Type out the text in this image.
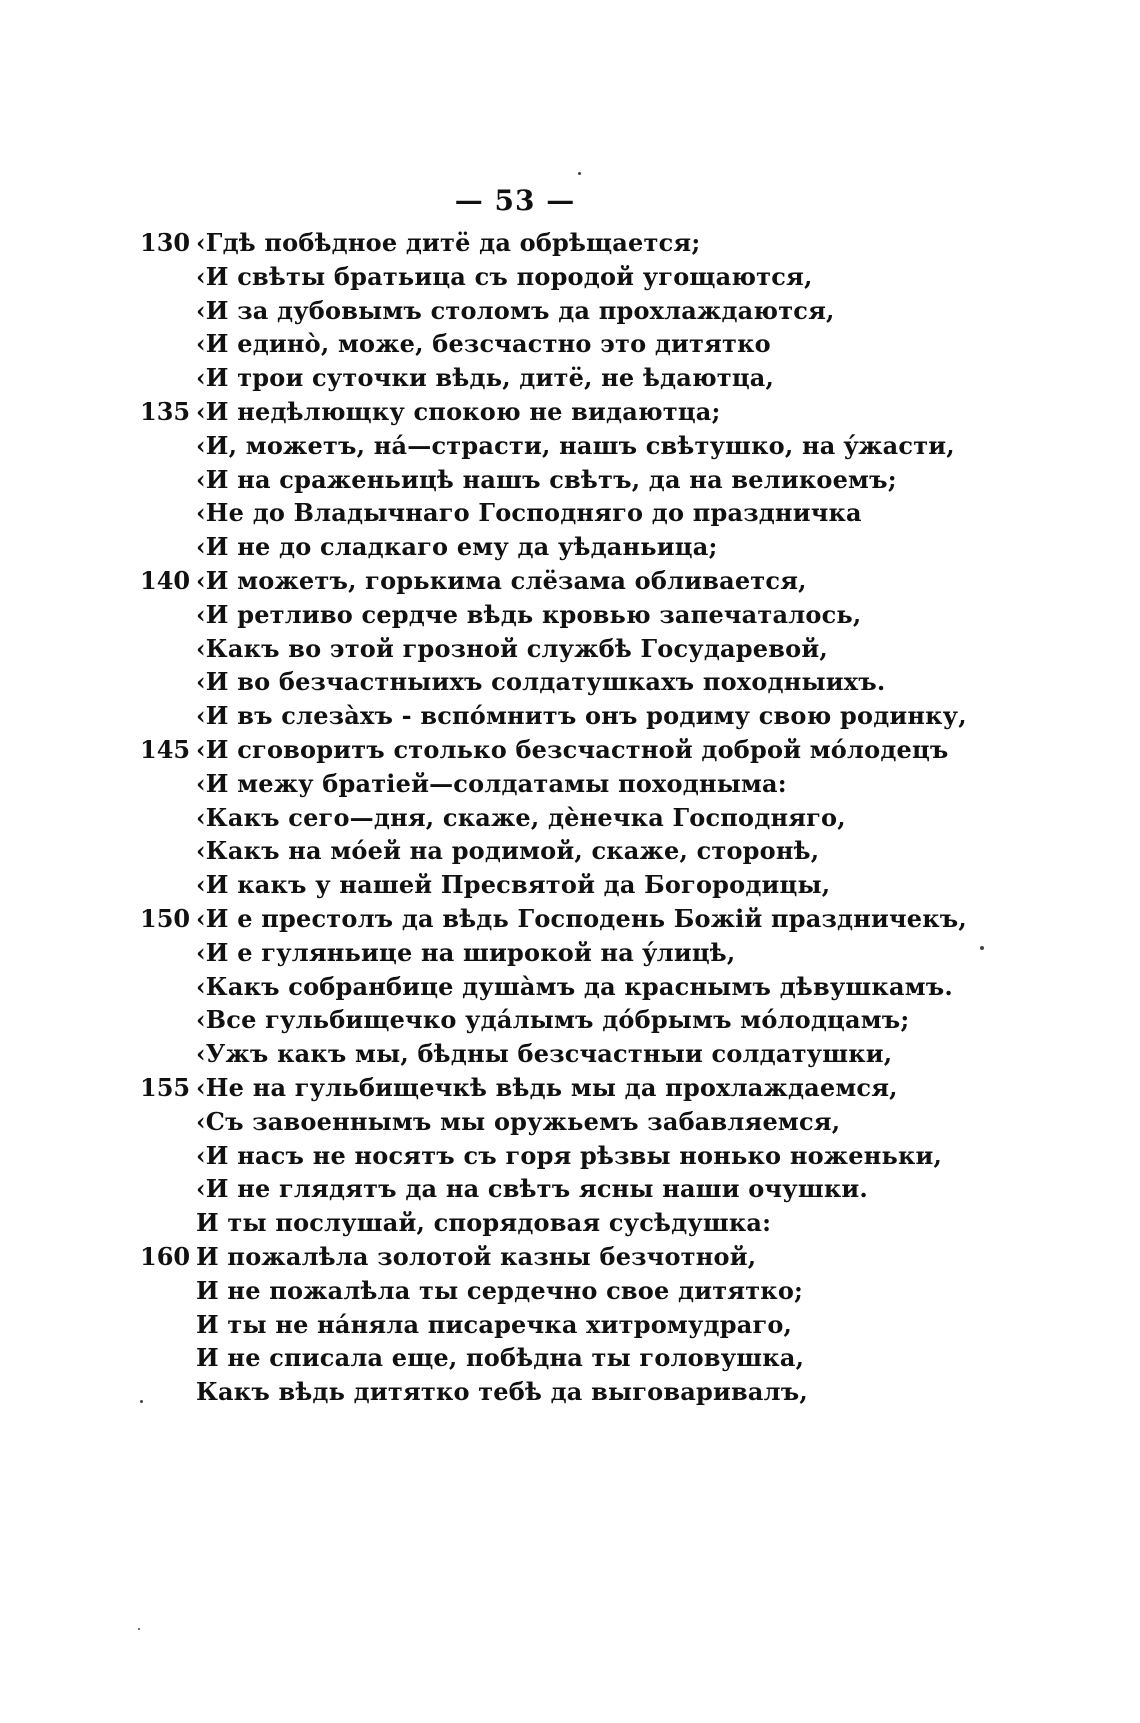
— 53 —
130 ‹Гдѣ побѣдное дитё да обрѣщается;
‹И свѣты братьица съ породой угощаются,
‹И за дубовымъ столомъ да прохлаждаются,
‹И единò, може, безсчастно это дитятко
‹И трои суточки вѣдь, дитё, не ѣдаютца,
135 ‹И недѣлющку спокою не видаютца;
‹И, можетъ, нá—страсти, нашъ свѣтушко, на ýжасти,
‹И на сраженьицѣ нашъ свѣтъ, да на великоемъ;
‹Не до Владычнаго Господняго до праздничка
‹И не до сладкаго ему да уѣданьица;
140 ‹И можетъ, горькима слёзама обливается,
‹И ретливо сердче вѣдь кровью запечаталось,
‹Какъ во этой грозной службѣ Государевой,
‹И во безчастныихъ солдатушкахъ походныихъ.
‹И въ слезàхъ - вспóмнитъ онъ родиму свою родинку,
145 ‹И сговоритъ столько безсчастной доброй мóлодецъ
‹И межу братіей—солдатамы походныма:
‹Какъ сего—дня, скаже, дèнечка Господняго,
‹Какъ на мóей на родимой, скаже, сторонѣ,
‹И какъ у нашей Пресвятой да Богородицы,
150 ‹И е престолъ да вѣдь Господень Божій праздничекъ,
‹И е гуляньице на широкой на ýлицѣ,
‹Какъ собранбице душàмъ да краснымъ дѣвушкамъ.
‹Все гульбищечко удáлымъ дóбрымъ мóлодцамъ;
‹Ужъ какъ мы, бѣдны безсчастныи солдатушки,
155 ‹Не на гульбищечкѣ вѣдь мы да прохлаждаемся,
‹Съ завоеннымъ мы оружьемъ забавляемся,
‹И насъ не носятъ съ горя рѣзвы нонько ноженьки,
‹И не глядятъ да на свѣтъ ясны наши очушки.
И ты послушай, спорядовая сусѣдушка:
160 И пожалѣла золотой казны безчотной,
И не пожалѣла ты сердечно свое дитятко;
И ты не нáняла писаречка хитромудраго,
И не списала еще, побѣдна ты головушка,
Какъ вѣдь дитятко тебѣ да выговаривалъ,
